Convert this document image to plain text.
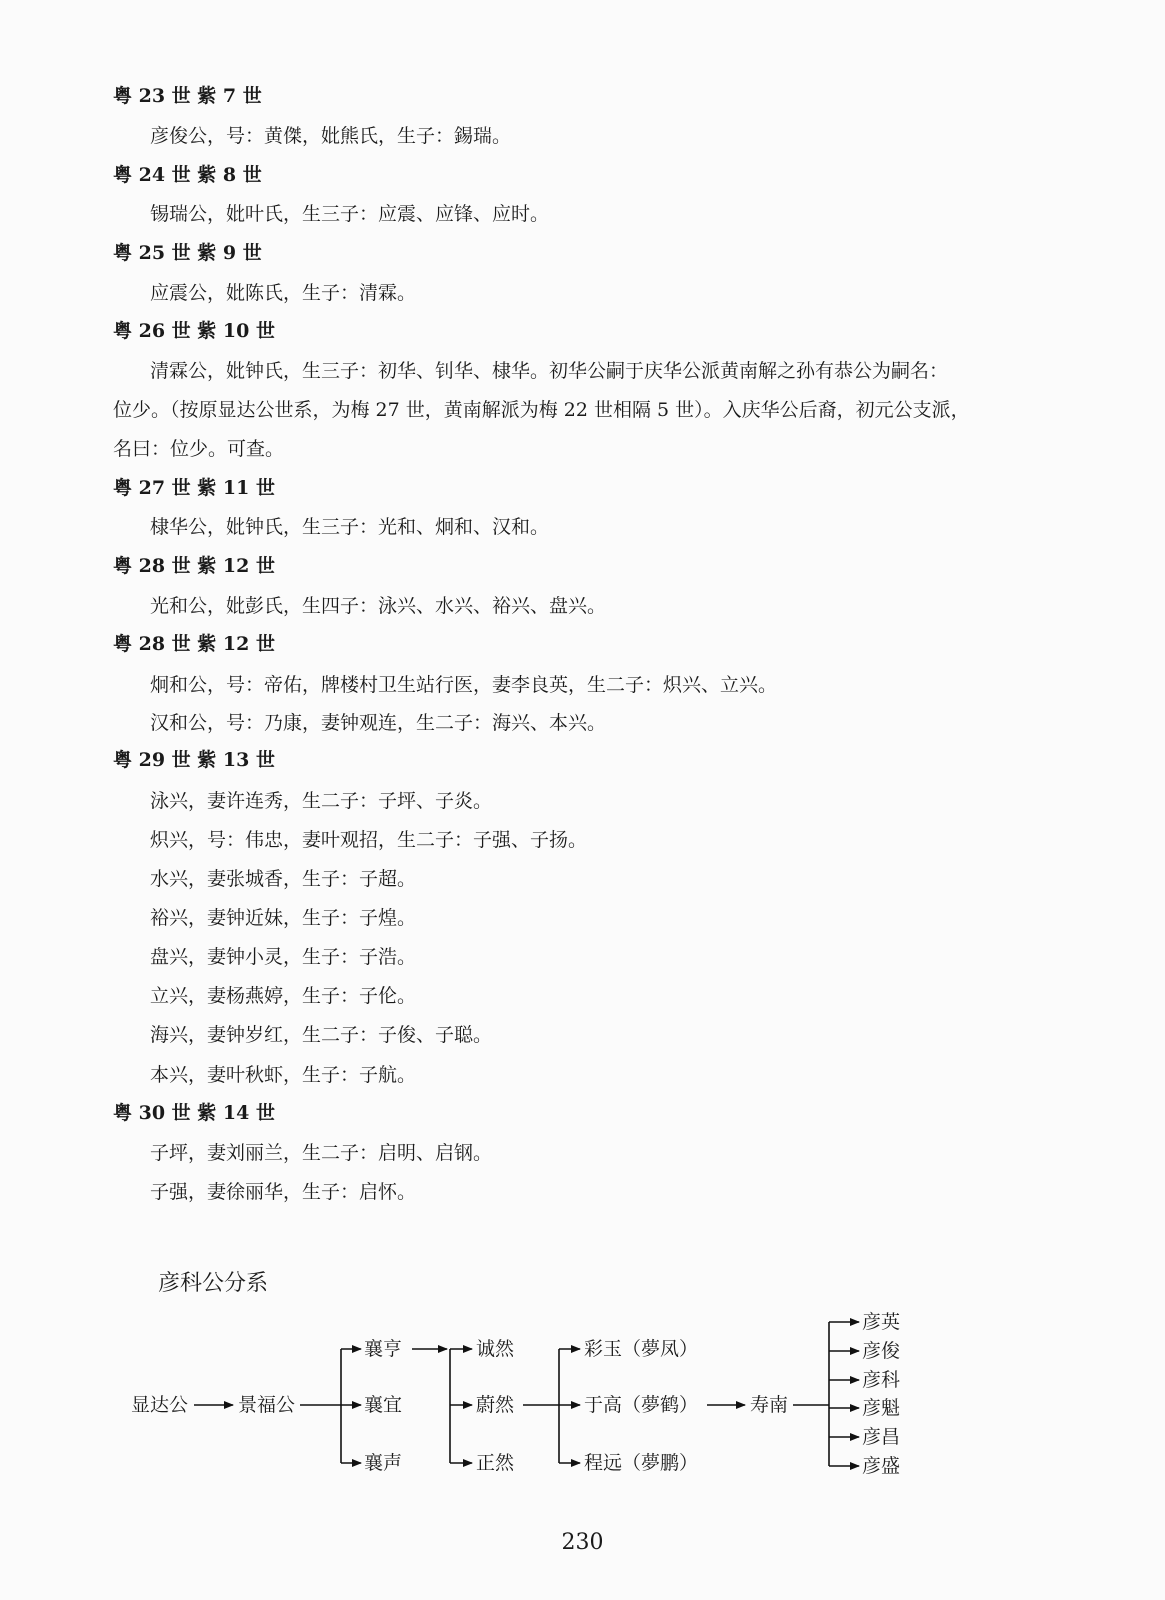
粤 23 世 紫 7 世
彦俊公，号：黄傑，妣熊氏，生子：錫瑞。
粤 24 世 紫 8 世
锡瑞公，妣叶氏，生三子：应震、应锋、应时。
粤 25 世 紫 9 世
应震公，妣陈氏，生子：清霖。
粤 26 世 紫 10 世
清霖公，妣钟氏，生三子：初华、钊华、棣华。初华公嗣于庆华公派黄南解之孙有恭公为嗣名：
位少。（按原显达公世系，为梅 27 世，黄南解派为梅 22 世相隔 5 世）。入庆华公后裔，初元公支派，
名曰：位少。可查。
粤 27 世 紫 11 世
棣华公，妣钟氏，生三子：光和、炯和、汉和。
粤 28 世 紫 12 世
光和公，妣彭氏，生四子：泳兴、水兴、裕兴、盘兴。
粤 28 世 紫 12 世
炯和公，号：帝佑，牌楼村卫生站行医，妻李良英，生二子：炽兴、立兴。
汉和公，号：乃康，妻钟观连，生二子：海兴、本兴。
粤 29 世 紫 13 世
泳兴，妻许连秀，生二子：子坪、子炎。
炽兴，号：伟忠，妻叶观招，生二子：子强、子扬。
水兴，妻张城香，生子：子超。
裕兴，妻钟近妹，生子：子煌。
盘兴，妻钟小灵，生子：子浩。
立兴，妻杨燕婷，生子：子伦。
海兴，妻钟岁红，生二子：子俊、子聪。
本兴，妻叶秋虾，生子：子航。
粤 30 世 紫 14 世
子坪，妻刘丽兰，生二子：启明、启钢。
子强，妻徐丽华，生子：启怀。
彦科公分系
显达公	景福公
襄亨
襄宜
襄声
诚然
蔚然
正然
彩玉（夢凤）
于高（夢鹤）
程远（夢鹏）
寿南
彦英
彦俊
彦科
彦魁
彦昌
彦盛
230
